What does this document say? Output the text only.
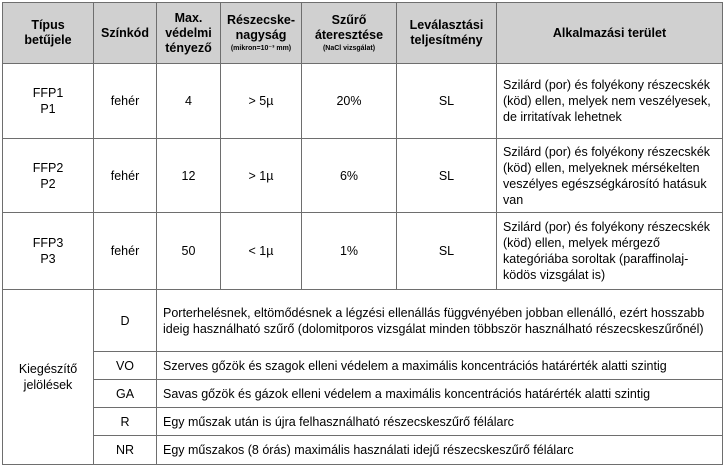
Típus
betűjele	Színkód	Max.
védelmi
tényező	Részecske-
nagyság
(mikron=10⁻³ mm)	Szűrő
áteresztése
(NaCl vizsgálat)	Leválasztási
teljesítmény	Alkalmazási terület

FFP1
P1	fehér	4	> 5µ	20%	SL	Szilárd (por) és folyékony részecskék (köd) ellen, melyek nem veszélyesek, de irritatívak lehetnek

FFP2
P2	fehér	12	> 1µ	6%	SL	Szilárd (por) és folyékony részecskék (köd) ellen, melyeknek mérsékelten veszélyes egészségkárosító hatásuk van

FFP3
P3	fehér	50	< 1µ	1%	SL	Szilárd (por) és folyékony részecskék (köd) ellen, melyek mérgező kategóriába soroltak (paraffinolaj-ködös vizsgálat is)

Kiegészítő
jelölések	D	Porterhelésnek, eltömődésnek a légzési ellenállás függvényében jobban ellenálló, ezért hosszabb ideig használható szűrő (dolomitporos vizsgálat minden többször használható részecskeszűrőnél)				
	VO	Szerves gőzök és szagok elleni védelem a maximális koncentrációs határérték alatti szintig				
	GA	Savas gőzök és gázok elleni védelem a maximális koncentrációs határérték alatti szintig				
	R	Egy műszak után is újra felhasználható részecskeszűrő félálarc				
	NR	Egy műszakos (8 órás) maximális használati idejű részecskeszűrő félálarc				
